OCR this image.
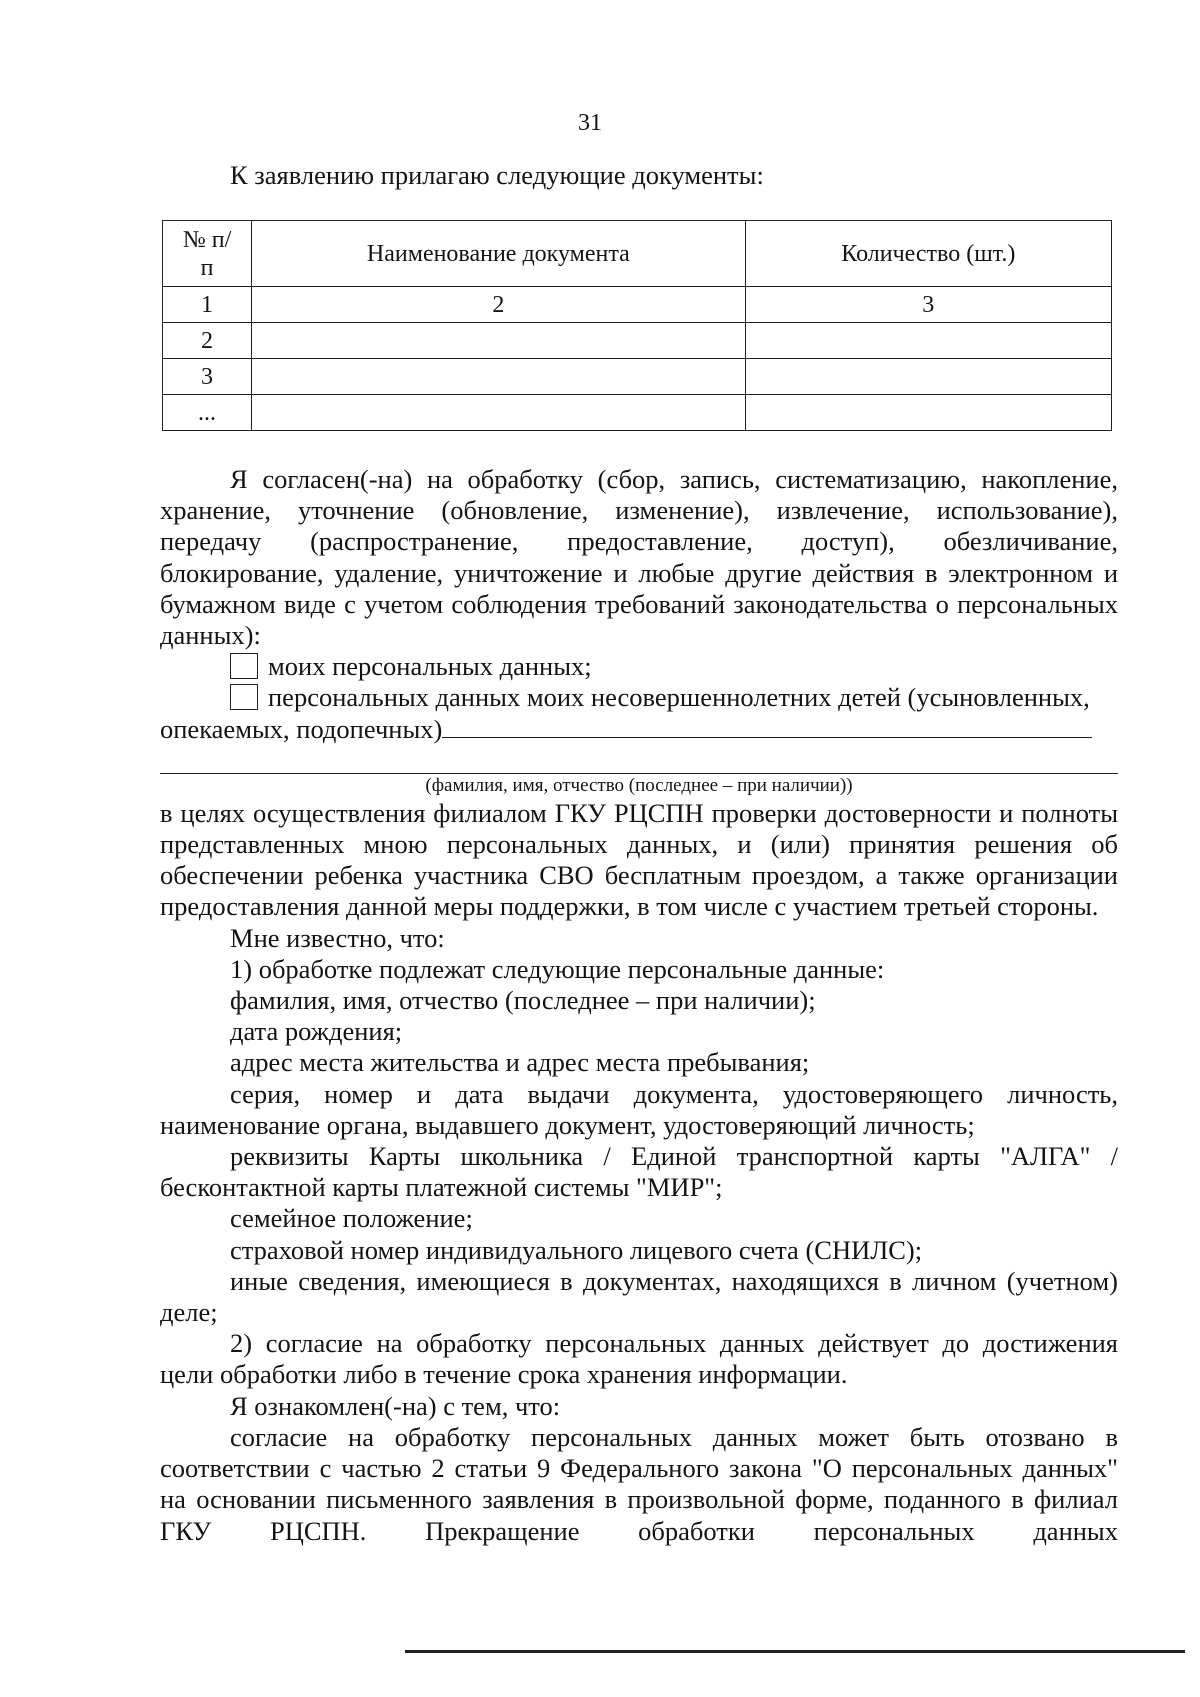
31
К заявлению прилагаю следующие документы:
№ п/п	Наименование документа	Количество (шт.)
1	2	3
2		
3		
...		

Я согласен(-на) на обработку (сбор, запись, систематизацию, накопление, хранение, уточнение (обновление, изменение), извлечение, использование), передачу (распространение, предоставление, доступ), обезличивание, блокирование, удаление, уничтожение и любые другие действия в электронном и бумажном виде с учетом соблюдения требований законодательства о персональных данных):

моих персональных данных;
персональных данных моих несовершеннолетних детей (усыновленных,
опекаемых, подопечных)
(фамилия, имя, отчество (последнее – при наличии))

в целях осуществления филиалом ГКУ РЦСПН проверки достоверности и полноты представленных мною персональных данных, и (или) принятия решения об обеспечении ребенка участника СВО бесплатным проездом, а также организации предоставления данной меры поддержки, в том числе с участием третьей стороны.

Мне известно, что:

1) обработке подлежат следующие персональные данные:

фамилия, имя, отчество (последнее – при наличии);

дата рождения;

адрес места жительства и адрес места пребывания;

серия, номер и дата выдачи документа, удостоверяющего личность, наименование органа, выдавшего документ, удостоверяющий личность;

реквизиты Карты школьника / Единой транспортной карты "АЛГА" / бесконтактной карты платежной системы "МИР";

семейное положение;

страховой номер индивидуального лицевого счета (СНИЛС);

иные сведения, имеющиеся в документах, находящихся в личном (учетном) деле;

2) согласие на обработку персональных данных действует до достижения цели обработки либо в течение срока хранения информации.

Я ознакомлен(-на) с тем, что:

согласие на обработку персональных данных может быть отозвано в соответствии с частью 2 статьи 9 Федерального закона "О персональных данных" на основании письменного заявления в произвольной форме, поданного в филиал ГКУ РЦСПН. Прекращение обработки персональных данных
